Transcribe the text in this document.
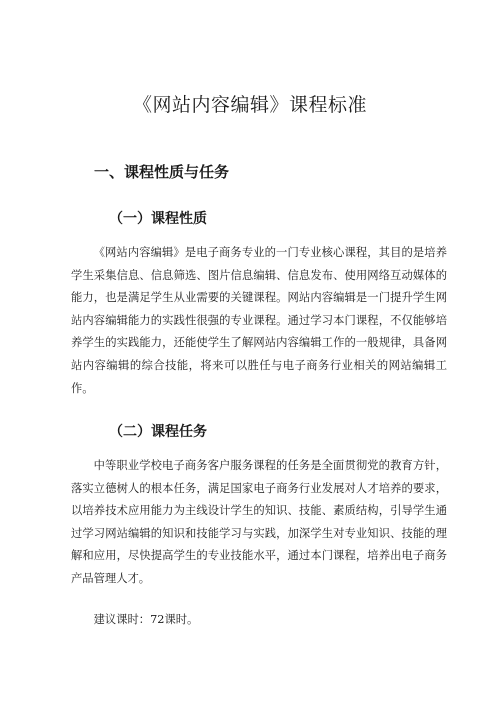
《网站内容编辑》课程标准
一、课程性质与任务
（一）课程性质

《网站内容编辑》是电子商务专业的一门专业核心课程，其目的是培养学生采集信息、信息筛选、图片信息编辑、信息发布、使用网络互动媒体的能力，也是满足学生从业需要的关键课程。网站内容编辑是一门提升学生网站内容编辑能力的实践性很强的专业课程。通过学习本门课程，不仅能够培养学生的实践能力，还能使学生了解网站内容编辑工作的一般规律，具备网站内容编辑的综合技能，将来可以胜任与电子商务行业相关的网站编辑工作。

（二）课程任务

中等职业学校电子商务客户服务课程的任务是全面贯彻党的教育方针，落实立德树人的根本任务，满足国家电子商务行业发展对人才培养的要求，以培养技术应用能力为主线设计学生的知识、技能、素质结构，引导学生通过学习网站编辑的知识和技能学习与实践，加深学生对专业知识、技能的理解和应用，尽快提高学生的专业技能水平，通过本门课程，培养出电子商务产品管理人才。

建议课时：72课时。
